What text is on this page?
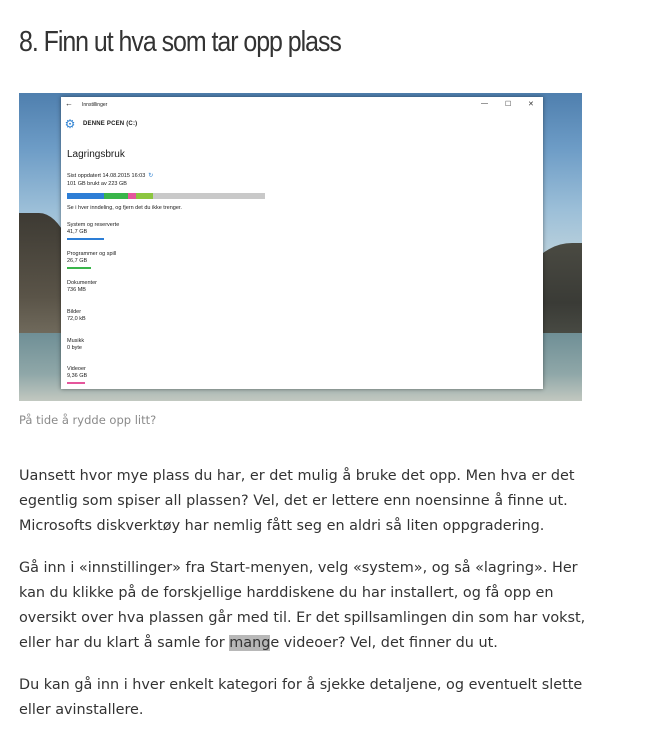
8. Finn ut hva som tar opp plass
← Innstillinger	— ☐ ✕
⚙ DENNE PCEN (C:)
Lagringsbruk
Sist oppdatert 14.08.2015 16:03 ↻
101 GB brukt av 223 GB
Se i hver inndeling, og fjern det du ikke trenger.
System og reserverte
41,7 GB
Programmer og spill
26,7 GB
Dokumenter
736 MB
Bilder
72,0 kB
Musikk
0 byte
Videoer
9,36 GB
På tide å rydde opp litt?

Uansett hvor mye plass du har, er det mulig å bruke det opp. Men hva er det egentlig som spiser all plassen? Vel, det er lettere enn noensinne å finne ut. Microsofts diskverktøy har nemlig fått seg en aldri så liten oppgradering.

Gå inn i «innstillinger» fra Start-menyen, velg «system», og så «lagring». Her kan du klikke på de forskjellige harddiskene du har installert, og få opp en oversikt over hva plassen går med til. Er det spillsamlingen din som har vokst, eller har du klart å samle for mange videoer? Vel, det finner du ut.

Du kan gå inn i hver enkelt kategori for å sjekke detaljene, og eventuelt slette eller avinstallere.
